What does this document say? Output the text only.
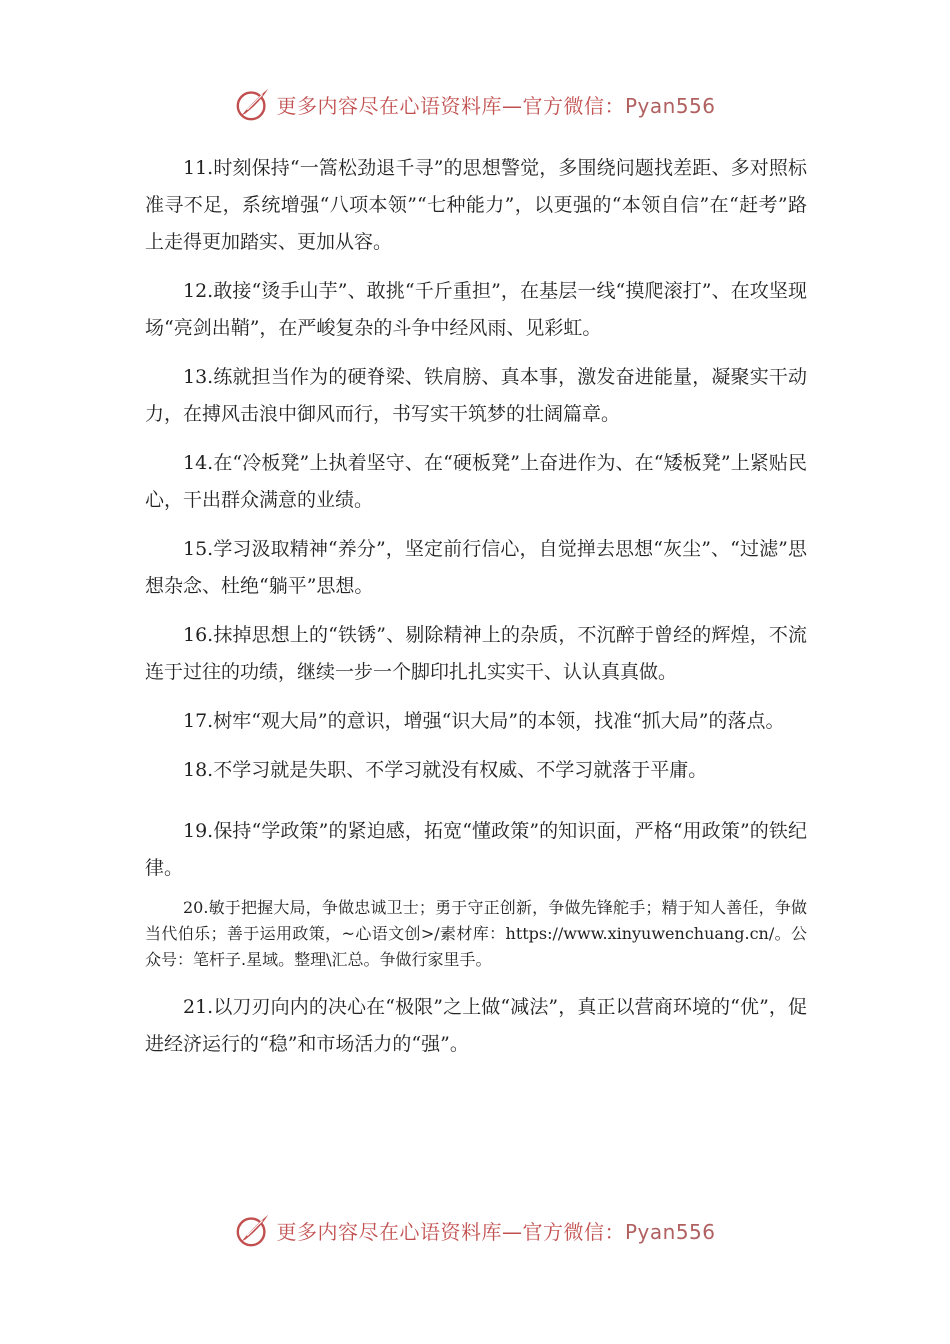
更多内容尽在心语资料库—官方微信：Pyan556

11.时刻保持“一篙松劲退千寻”的思想警觉，多围绕问题找差距、多对照标准寻不足，系统增强“八项本领”“七种能力”，以更强的“本领自信”在“赶考”路上走得更加踏实、更加从容。

12.敢接“烫手山芋”、敢挑“千斤重担”，在基层一线“摸爬滚打”、在攻坚现场“亮剑出鞘”，在严峻复杂的斗争中经风雨、见彩虹。

13.练就担当作为的硬脊梁、铁肩膀、真本事，激发奋进能量，凝聚实干动力，在搏风击浪中御风而行，书写实干筑梦的壮阔篇章。

14.在“冷板凳”上执着坚守、在“硬板凳”上奋进作为、在“矮板凳”上紧贴民心，干出群众满意的业绩。

15.学习汲取精神“养分”，坚定前行信心，自觉掸去思想“灰尘”、“过滤”思想杂念、杜绝“躺平”思想。

16.抹掉思想上的“铁锈”、剔除精神上的杂质，不沉醉于曾经的辉煌，不流连于过往的功绩，继续一步一个脚印扎扎实实干、认认真真做。

17.树牢“观大局”的意识，增强“识大局”的本领，找准“抓大局”的落点。

18.不学习就是失职、不学习就没有权威、不学习就落于平庸。

19.保持“学政策”的紧迫感，拓宽“懂政策”的知识面，严格“用政策”的铁纪律。

20.敏于把握大局，争做忠诚卫士；勇于守正创新，争做先锋舵手；精于知人善任，争做当代伯乐；善于运用政策，~心语文创>/素材库：https://www.xinyuwenchuang.cn/。公众号：笔杆子.星域。整理\汇总。争做行家里手。

21.以刀刃向内的决心在“极限”之上做“减法”，真正以营商环境的“优”，促进经济运行的“稳”和市场活力的“强”。

更多内容尽在心语资料库—官方微信：Pyan556
